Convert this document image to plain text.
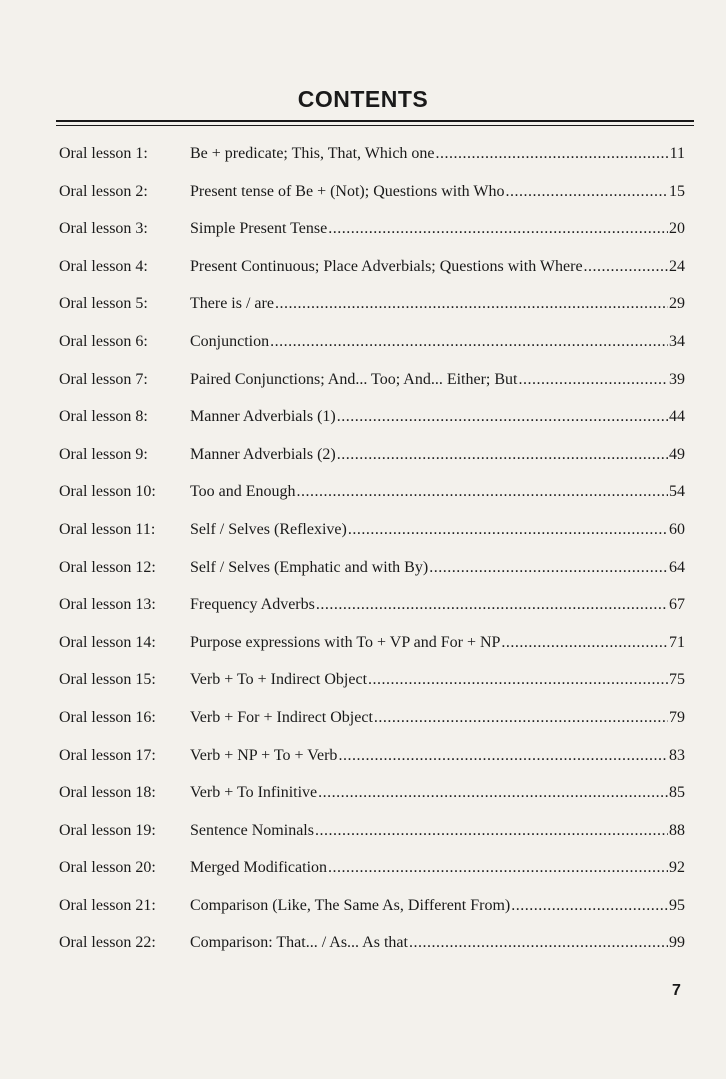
CONTENTS
Oral lesson 1:	Be + predicate; This, That, Which one .....	11
Oral lesson 2:	Present tense of Be + (Not); Questions with Who .....	15
Oral lesson 3:	Simple Present Tense .....	20
Oral lesson 4:	Present Continuous; Place Adverbials; Questions with Where .....	24
Oral lesson 5:	There is / are .....	29
Oral lesson 6:	Conjunction .....	34
Oral lesson 7:	Paired Conjunctions; And... Too; And... Either; But .....	39
Oral lesson 8:	Manner Adverbials (1) .....	44
Oral lesson 9:	Manner Adverbials (2) .....	49
Oral lesson 10:	Too and Enough .....	54
Oral lesson 11:	Self / Selves (Reflexive) .....	60
Oral lesson 12:	Self / Selves (Emphatic and with By) .....	64
Oral lesson 13:	Frequency Adverbs .....	67
Oral lesson 14:	Purpose expressions with To + VP and For + NP .....	71
Oral lesson 15:	Verb + To + Indirect Object .....	75
Oral lesson 16:	Verb + For + Indirect Object .....	79
Oral lesson 17:	Verb + NP + To + Verb .....	83
Oral lesson 18:	Verb + To Infinitive .....	85
Oral lesson 19:	Sentence Nominals .....	88
Oral lesson 20:	Merged Modification .....	92
Oral lesson 21:	Comparison (Like, The Same As, Different From) .....	95
Oral lesson 22:	Comparison: That... / As... As that .....	99
7
